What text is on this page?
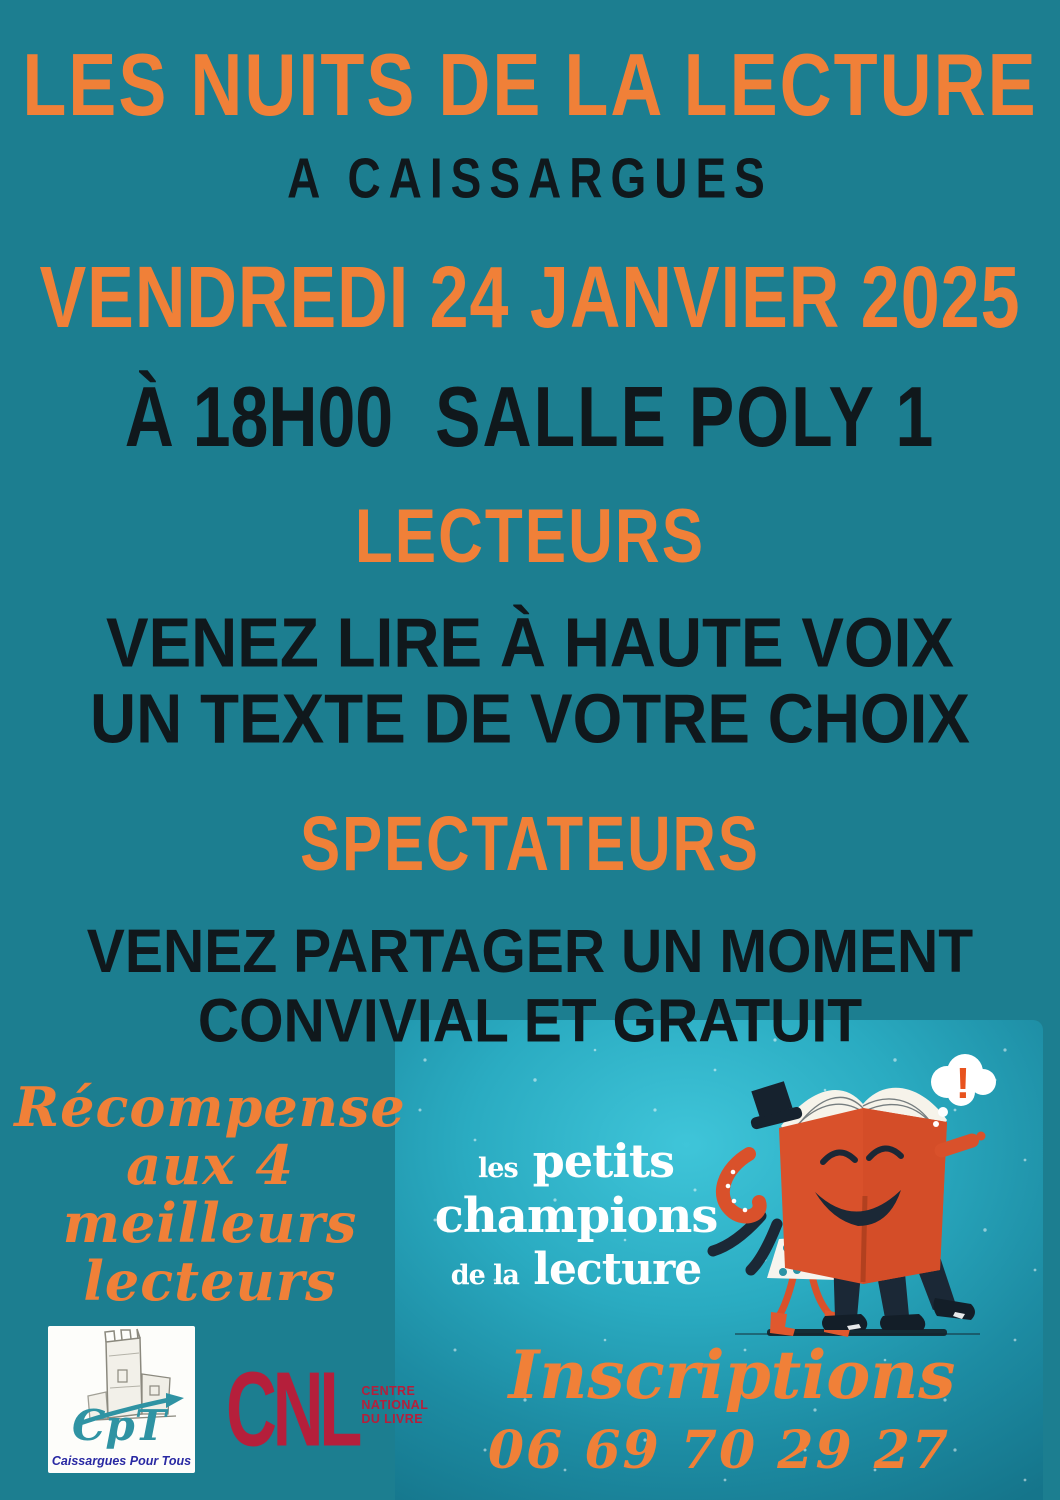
LES NUITS DE LA LECTURE
A CAISSARGUES
VENDREDI 24 JANVIER 2025
À 18H00 SALLE POLY 1
LECTEURS
VENEZ LIRE À HAUTE VOIX
UN TEXTE DE VOTRE CHOIX
SPECTATEURS
VENEZ PARTAGER UN MOMENT
CONVIVIAL ET GRATUIT
Récompense
aux 4
meilleurs
lecteurs
!
les petits
champions
de la lecture
Inscriptions
06 69 70 29 27
CpT
Caissargues Pour Tous CNL CENTRE
NATIONAL
DU LIVRE
